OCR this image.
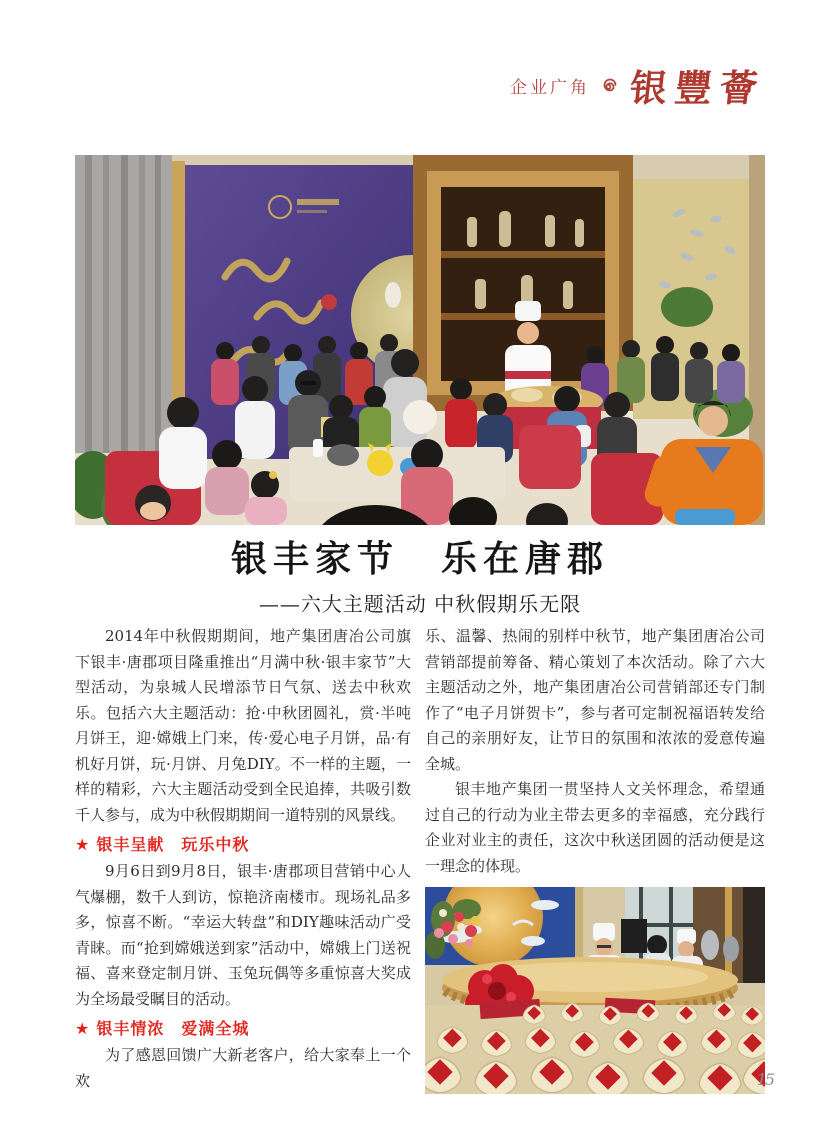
企业广角 银豐薈
银丰家节　乐在唐郡
——六大主题活动 中秋假期乐无限

2014年中秋假期期间，地产集团唐冶公司旗下银丰·唐郡项目隆重推出“月满中秋·银丰家节”大型活动，为泉城人民增添节日气氛、送去中秋欢乐。包括六大主题活动：抢·中秋团圆礼，赏·半吨月饼王，迎·嫦娥上门来，传·爱心电子月饼，品·有机好月饼，玩·月饼、月兔DIY。不一样的主题，一样的精彩，六大主题活动受到全民追捧，共吸引数千人参与，成为中秋假期期间一道特别的风景线。

★ 银丰呈献　玩乐中秋

9月6日到9月8日，银丰·唐郡项目营销中心人气爆棚，数千人到访，惊艳济南楼市。现场礼品多多，惊喜不断。“幸运大转盘”和DIY趣味活动广受青睐。而“抢到嫦娥送到家”活动中，嫦娥上门送祝福、喜来登定制月饼、玉兔玩偶等多重惊喜大奖成为全场最受瞩目的活动。

★ 银丰情浓　爱满全城

为了感恩回馈广大新老客户，给大家奉上一个欢

乐、温馨、热闹的别样中秋节，地产集团唐冶公司营销部提前筹备、精心策划了本次活动。除了六大主题活动之外，地产集团唐冶公司营销部还专门制作了“电子月饼贺卡”，参与者可定制祝福语转发给自己的亲朋好友，让节日的氛围和浓浓的爱意传遍全城。

银丰地产集团一贯坚持人文关怀理念，希望通过自己的行动为业主带去更多的幸福感，充分践行企业对业主的责任，这次中秋送团圆的活动便是这一理念的体现。

15
